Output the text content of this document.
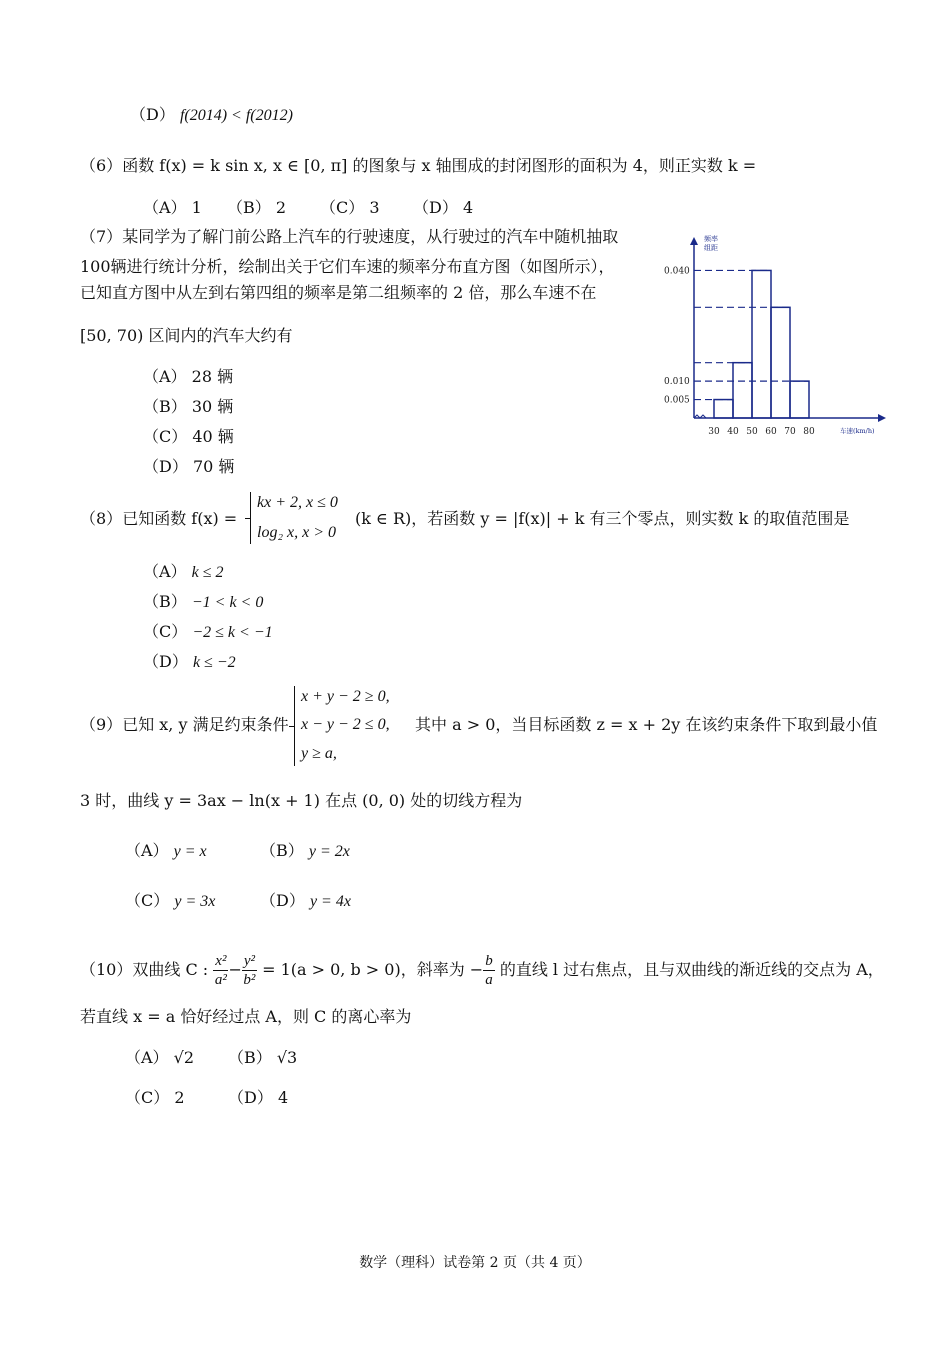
（D） f(2014) < f(2012)
（6）函数 f(x) = k sin x, x ∈ [0, π] 的图象与 x 轴围成的封闭图形的面积为 4，则正实数 k =
（A） 1 （B） 2 （C） 3 （D） 4
（7）某同学为了解门前公路上汽车的行驶速度，从行驶过的汽车中随机抽取
100辆进行统计分析，绘制出关于它们车速的频率分布直方图（如图所示），
已知直方图中从左到右第四组的频率是第二组频率的 2 倍，那么车速不在
[50, 70) 区间内的汽车大约有
（A） 28 辆
（B） 30 辆
（C） 40 辆
（D） 70 辆
频率
组距
0.040
0.010
0.005
30 40 50 60 70 80	车速(km/h)
（8）已知函数 f(x) =
kx + 2, x ≤ 0
log₂ x, x > 0
(k ∈ R)，若函数 y = |f(x)| + k 有三个零点，则实数 k 的取值范围是
（A） k ≤ 2
（B） −1 < k < 0
（C） −2 ≤ k < −1
（D） k ≤ −2
（9）已知 x, y 满足约束条件
x + y − 2 ≥ 0,
x − y − 2 ≤ 0,
y ≥ a,
其中 a > 0，当目标函数 z = x + 2y 在该约束条件下取到最小值
3 时，曲线 y = 3ax − ln(x + 1) 在点 (0, 0) 处的切线方程为
（A） y = x	（B） y = 2x
（C） y = 3x	（D） y = 4x
（10）双曲线 C : $\frac{\text{x²}}{\text{a²}} - \frac{\text{y²}}{\text{b²}} = 1(a > 0$, b > 0)，斜率为 − $\frac{b}{a}$ 的直线 l 过右焦点，且与双曲线的渐近线的交点为 A，
若直线 x = a 恰好经过点 A，则 C 的离心率为
（A） √2 （B） √3
（C） 2	（D） 4
数学（理科）试卷第 2 页（共 4 页）
